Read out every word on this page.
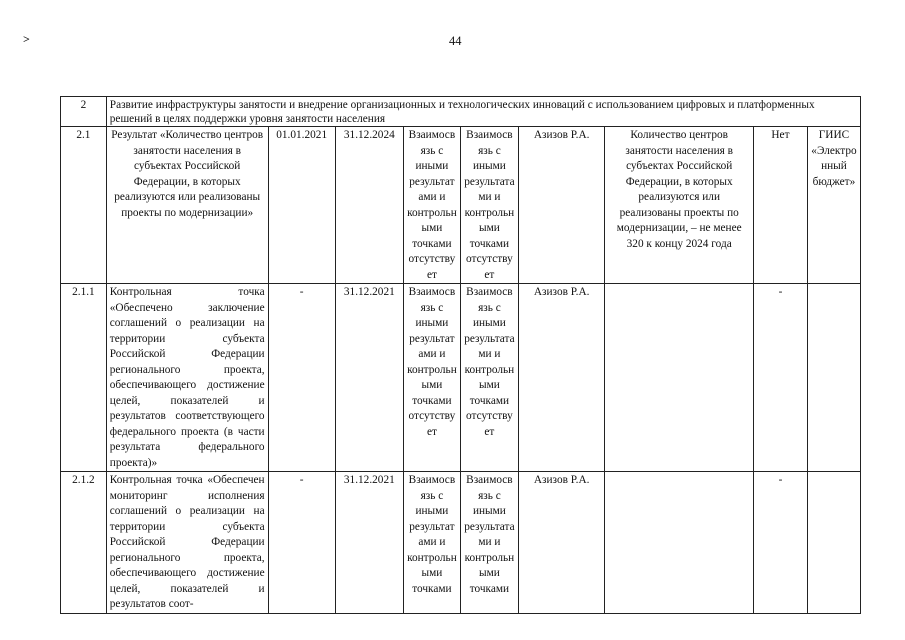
˃	44
2	Развитие инфраструктуры занятости и внедрение организационных и технологических инноваций с использованием цифровых и платформенных решений в целях поддержки уровня занятости населения								
2.1	Результат «Количество центров занятости населения в субъектах Российской Федерации, в которых реализуются или реализованы проекты по модернизации»	01.01.2021	31.12.2024	Взаимосвязь с иными результатами и контрольными точками отсутствует	Взаимосвязь с иными результатами и контрольными точками отсутствует	Азизов Р.А.	Количество центров занятости населения в субъектах Российской Федерации, в которых реализуются или реализованы проекты по модернизации, – не менее 320 к концу 2024 года	Нет	ГИИС «Электронный бюджет»
2.1.1	Контрольная точка «Обеспечено заключение соглашений о реализации на территории субъекта Российской Федерации регионального проекта, обеспечивающего достижение целей, показателей и результатов соответствующего федерального проекта (в части результата федерального проекта)»	-	31.12.2021	Взаимосвязь с иными результатами и контрольными точками отсутствует	Взаимосвязь с иными результатами и контрольными точками отсутствует	Азизов Р.А.		-	
2.1.2	Контрольная точка «Обеспечен мониторинг исполнения соглашений о реализации на территории субъекта Российской Федерации регионального проекта, обеспечивающего достижение целей, показателей и результатов соот-	-	31.12.2021	Взаимосвязь с иными результатами и контрольными точками	Взаимосвязь с иными результатами и контрольными точками	Азизов Р.А.		-	
